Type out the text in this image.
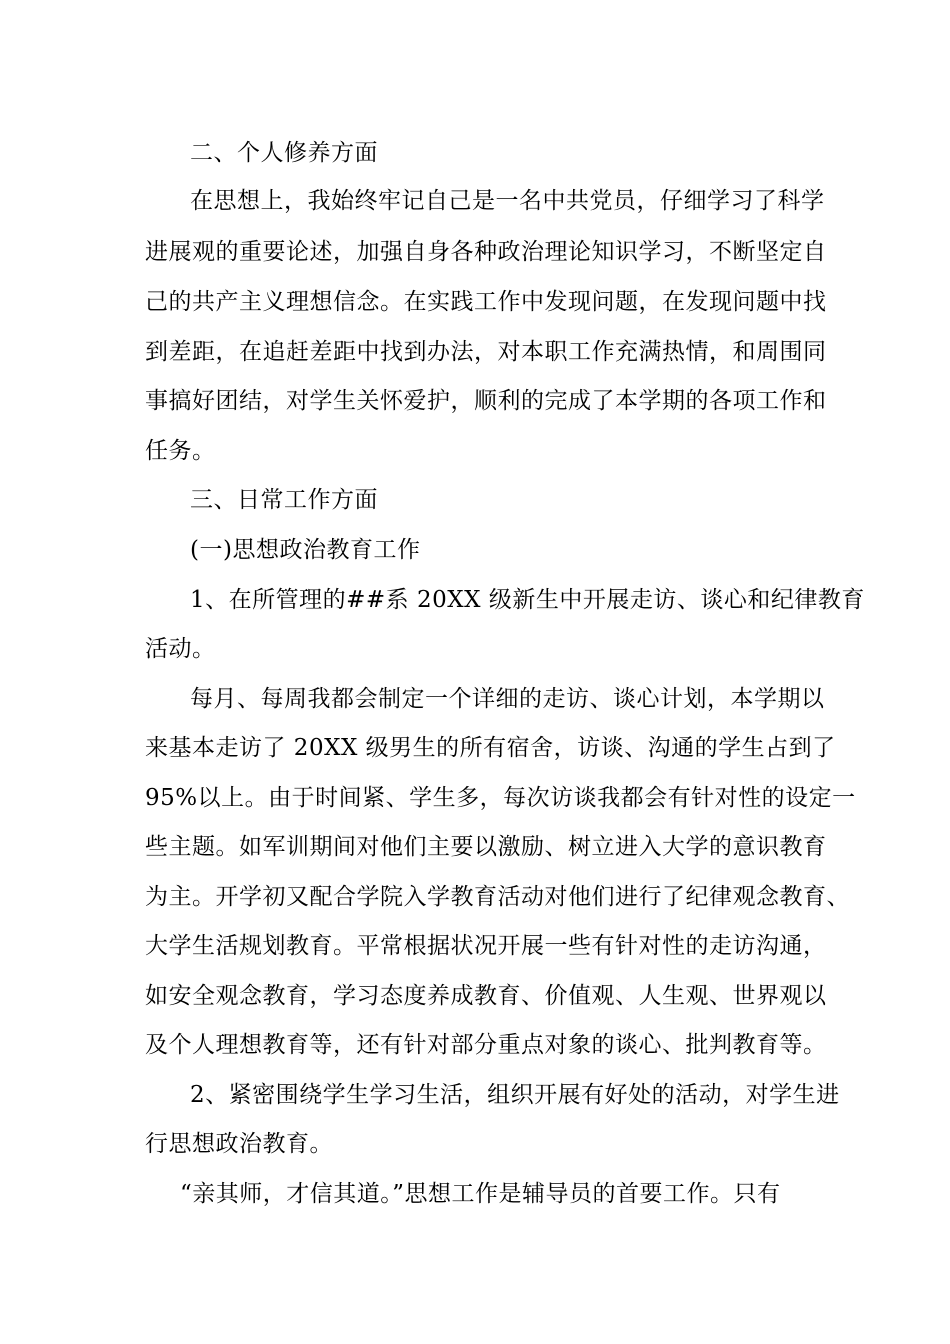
二、个人修养方面
在思想上，我始终牢记自己是一名中共党员，仔细学习了科学
进展观的重要论述，加强自身各种政治理论知识学习，不断坚定自
己的共产主义理想信念。在实践工作中发现问题，在发现问题中找
到差距，在追赶差距中找到办法，对本职工作充满热情，和周围同
事搞好团结，对学生关怀爱护，顺利的完成了本学期的各项工作和
任务。
三、日常工作方面
(一)思想政治教育工作
1、在所管理的##系 20XX 级新生中开展走访、谈心和纪律教育
活动。
每月、每周我都会制定一个详细的走访、谈心计划，本学期以
来基本走访了 20XX 级男生的所有宿舍，访谈、沟通的学生占到了
95%以上。由于时间紧、学生多，每次访谈我都会有针对性的设定一
些主题。如军训期间对他们主要以激励、树立进入大学的意识教育
为主。开学初又配合学院入学教育活动对他们进行了纪律观念教育、
大学生活规划教育。平常根据状况开展一些有针对性的走访沟通，
如安全观念教育，学习态度养成教育、价值观、人生观、世界观以
及个人理想教育等，还有针对部分重点对象的谈心、批判教育等。
2、紧密围绕学生学习生活，组织开展有好处的活动，对学生进
行思想政治教育。
“亲其师，才信其道。”思想工作是辅导员的首要工作。只有
